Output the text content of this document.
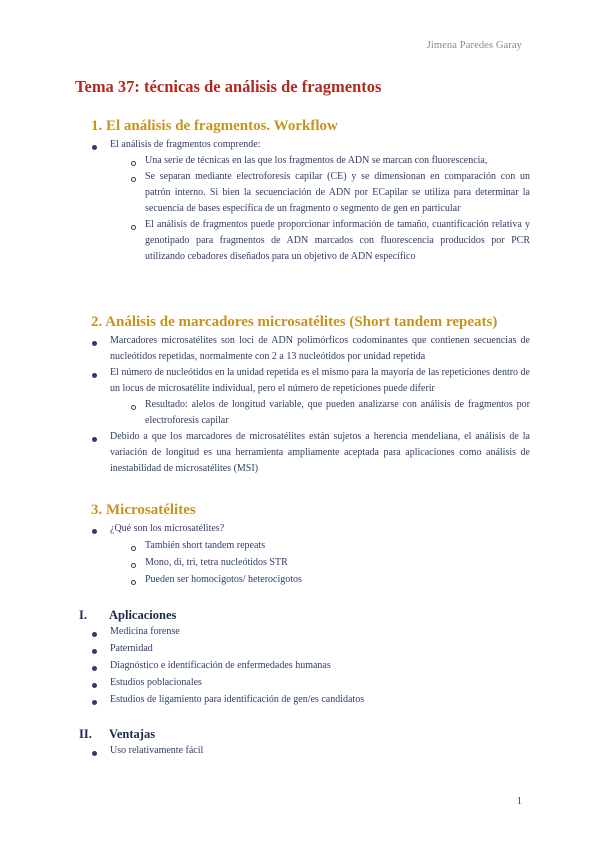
Jimena Paredes Garay
Tema 37: técnicas de análisis de fragmentos
1. El análisis de fragmentos. Workflow
El análisis de fragmentos comprende:
Una serie de técnicas en las que los fragmentos de ADN se marcan con fluorescencia,
Se separan mediante electroforesis capilar (CE) y se dimensionan en comparación con un patrón interno. Si bien la secuenciación de ADN por ECapilar se utiliza para determinar la secuencia de bases específica de un fragmento o segmento de gen en particular
El análisis de fragmentos puede proporcionar información de tamaño, cuantificación relativa y genotipado para fragmentos de ADN marcados con fluorescencia producidos por PCR utilizando cebadores diseñados para un objetivo de ADN específico
2. Análisis de marcadores microsatélites (Short tandem repeats)
Marcadores microsatélites son loci de ADN polimórficos codominantes que contienen secuencias de nucleótidos repetidas, normalmente con 2 a 13 nucleótidos por unidad repetida
El número de nucleótidos en la unidad repetida es el mismo para la mayoría de las repeticiones dentro de un locus de microsatélite individual, pero el número de repeticiones puede diferir
Resultado: alelos de longitud variable, que pueden analizarse con análisis de fragmentos por electroforesis capilar
Debido a que los marcadores de microsatélites están sujetos a herencia mendeliana, el análisis de la variación de longitud es una herramienta ampliamente aceptada para aplicaciones como análisis de inestabilidad de microsatélites (MSI)
3. Microsatélites
¿Qué son los microsatélites?
También short tandem repeats
Mono, di, tri, tetra nucleótidos STR
Pueden ser homocigotos/ heterocigotos
I. Aplicaciones
Medicina forense
Paternidad
Diagnóstico e identificación de enfermedades humanas
Estudios poblacionales
Estudios de ligamiento para identificación de gen/es candidatos
II. Ventajas
Uso relativamente fácil
1
